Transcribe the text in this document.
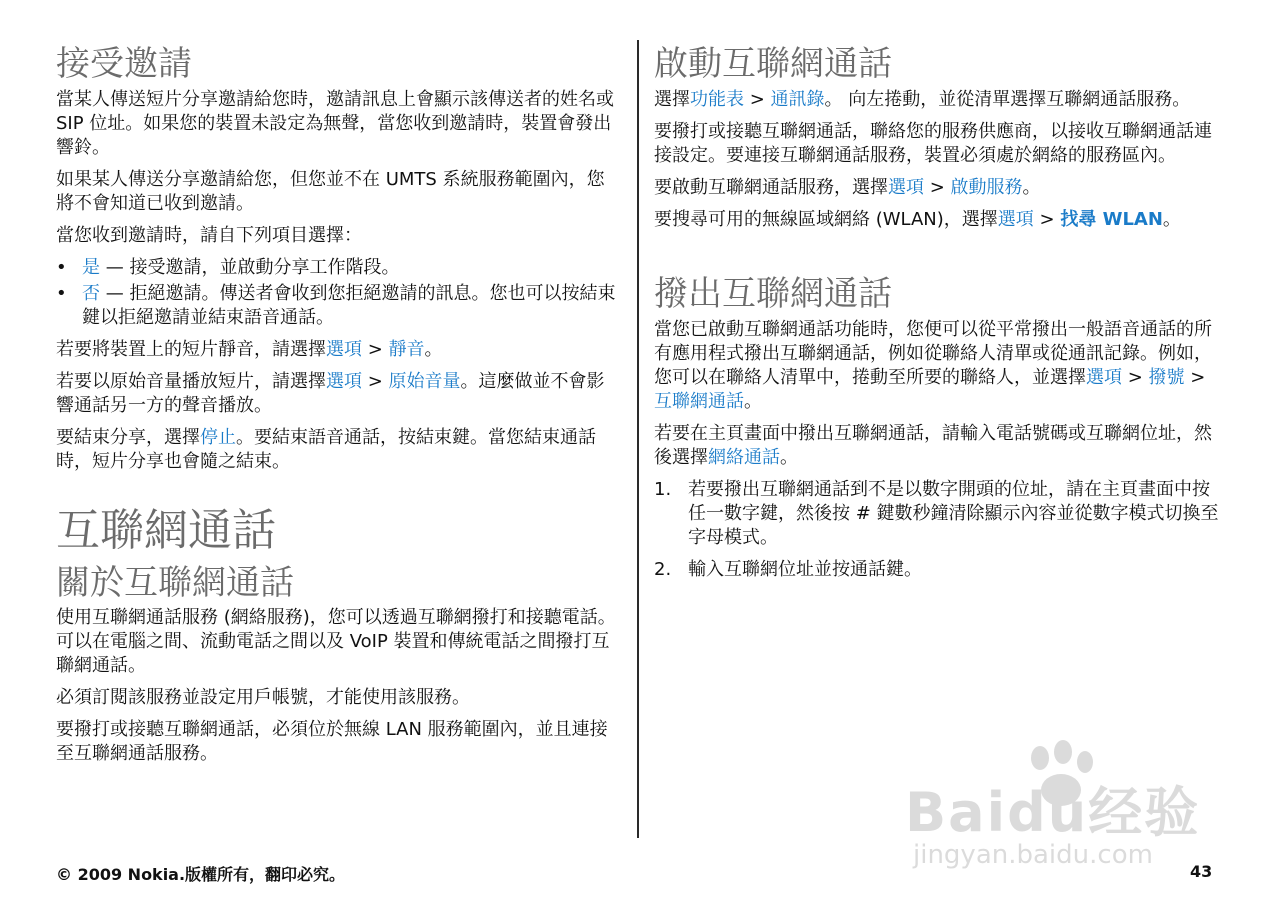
接受邀請

當某人傳送短片分享邀請給您時，邀請訊息上會顯示該傳送者的姓名或 SIP 位址。如果您的裝置未設定為無聲，當您收到邀請時，裝置會發出響鈴。

如果某人傳送分享邀請給您，但您並不在 UMTS 系統服務範圍內，您將不會知道已收到邀請。

當您收到邀請時，請自下列項目選擇：

• 是 — 接受邀請，並啟動分享工作階段。
• 否 — 拒絕邀請。傳送者會收到您拒絕邀請的訊息。您也可以按結束鍵以拒絕邀請並結束語音通話。

若要將裝置上的短片靜音，請選擇選項 > 靜音。

若要以原始音量播放短片，請選擇選項 > 原始音量。這麼做並不會影響通話另一方的聲音播放。

要結束分享，選擇停止。要結束語音通話，按結束鍵。當您結束通話時，短片分享也會隨之結束。

互聯網通話
關於互聯網通話

使用互聯網通話服務 (網絡服務)，您可以透過互聯網撥打和接聽電話。可以在電腦之間、流動電話之間以及 VoIP 裝置和傳統電話之間撥打互聯網通話。

必須訂閱該服務並設定用戶帳號，才能使用該服務。

要撥打或接聽互聯網通話，必須位於無線 LAN 服務範圍內，並且連接至互聯網通話服務。

啟動互聯網通話

選擇功能表 > 通訊錄。 向左捲動，並從清單選擇互聯網通話服務。

要撥打或接聽互聯網通話，聯絡您的服務供應商，以接收互聯網通話連接設定。要連接互聯網通話服務，裝置必須處於網絡的服務區內。

要啟動互聯網通話服務，選擇選項 > 啟動服務。

要搜尋可用的無線區域網絡 (WLAN)，選擇選項 > 找尋 WLAN。

撥出互聯網通話

當您已啟動互聯網通話功能時，您便可以從平常撥出一般語音通話的所有應用程式撥出互聯網通話，例如從聯絡人清單或從通訊記錄。例如，您可以在聯絡人清單中，捲動至所要的聯絡人，並選擇選項 > 撥號 > 互聯網通話。

若要在主頁畫面中撥出互聯網通話，請輸入電話號碼或互聯網位址，然後選擇網絡通話。

1. 若要撥出互聯網通話到不是以數字開頭的位址，請在主頁畫面中按任一數字鍵，然後按 # 鍵數秒鐘清除顯示內容並從數字模式切換至字母模式。
2. 輸入互聯網位址並按通話鍵。
Baidu经验
jingyan.baidu.com
© 2009 Nokia.版權所有，翻印必究。	43
